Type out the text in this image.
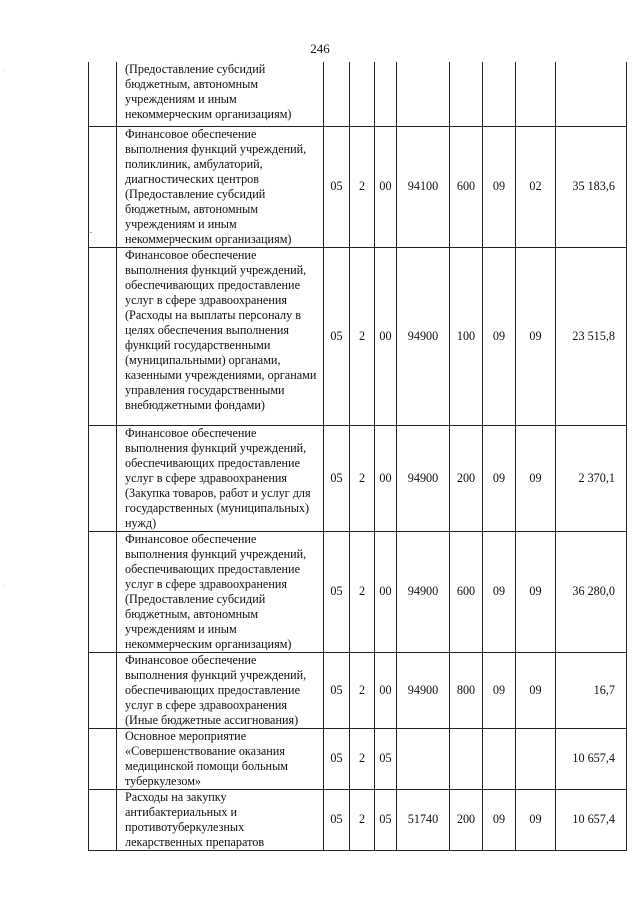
246
	(Предоставление субсидий бюджетным, автономным учреждениям и иным некоммерческим организациям)								
	Финансовое обеспечение выполнения функций учреждений, поликлиник, амбулаторий, диагностических центров (Предоставление субсидий бюджетным, автономным учреждениям и иным некоммерческим организациям)	05	2	00	94100	600	09	02	35 183,6
	Финансовое обеспечение выполнения функций учреждений, обеспечивающих предоставление услуг в сфере здравоохранения (Расходы на выплаты персоналу в целях обеспечения выполнения функций государственными (муниципальными) органами, казенными учреждениями, органами управления государственными внебюджетными фондами)	05	2	00	94900	100	09	09	23 515,8
	Финансовое обеспечение выполнения функций учреждений, обеспечивающих предоставление услуг в сфере здравоохранения (Закупка товаров, работ и услуг для государственных (муниципальных) нужд)	05	2	00	94900	200	09	09	2 370,1
	Финансовое обеспечение выполнения функций учреждений, обеспечивающих предоставление услуг в сфере здравоохранения (Предоставление субсидий бюджетным, автономным учреждениям и иным некоммерческим организациям)	05	2	00	94900	600	09	09	36 280,0
	Финансовое обеспечение выполнения функций учреждений, обеспечивающих предоставление услуг в сфере здравоохранения (Иные бюджетные ассигнования)	05	2	00	94900	800	09	09	16,7
	Основное мероприятие «Совершенствование оказания медицинской помощи больным туберкулезом»	05	2	05					10 657,4
	Расходы на закупку антибактериальных и противотуберкулезных лекарственных препаратов	05	2	05	51740	200	09	09	10 657,4
